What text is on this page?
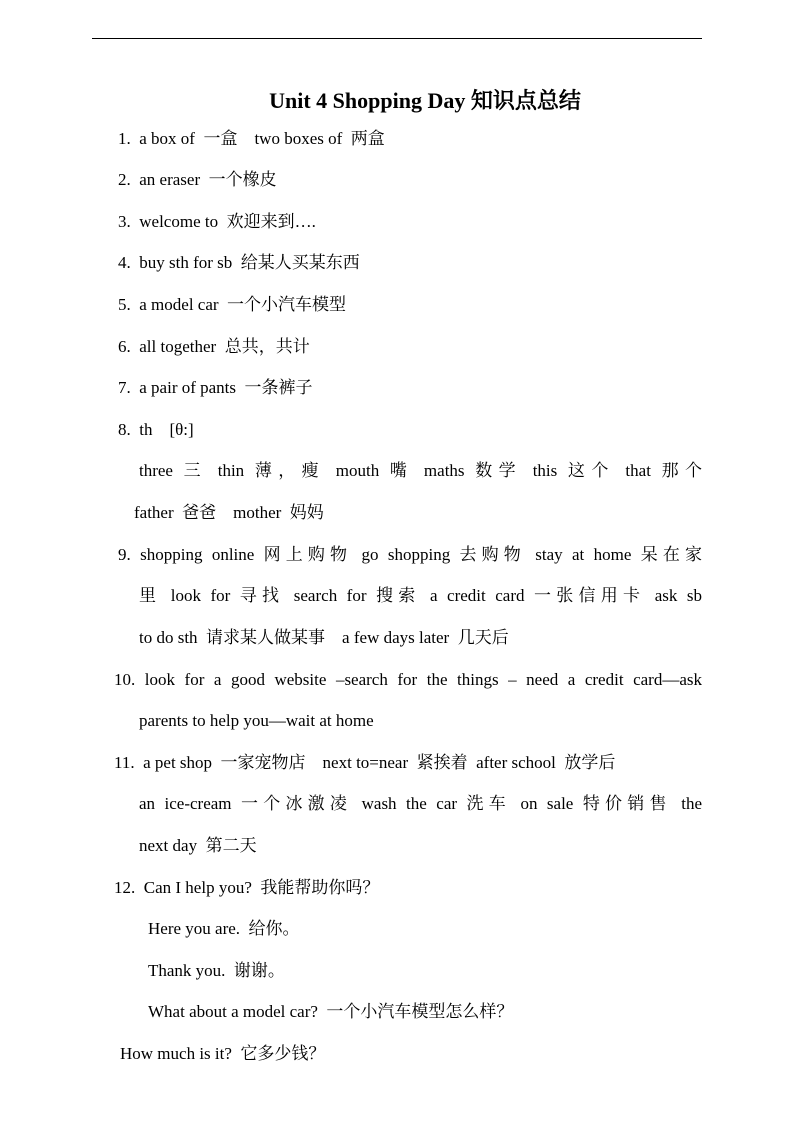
Unit 4 Shopping Day 知识点总结
1.  a box of  一盒    two boxes of  两盒
2.  an eraser  一个橡皮
3.  welcome to  欢迎来到….
4.  buy sth for sb  给某人买某东西
5.  a model car  一个小汽车模型
6.  all together  总共，共计
7.  a pair of pants  一条裤子
8.  th    [θ:]
three 三 thin 薄，瘦 mouth 嘴 maths 数学 this 这个 that 那个
father  爸爸    mother  妈妈
9. shopping online 网上购物 go shopping 去购物 stay at home 呆在家
里 look for 寻找 search for 搜索 a credit card 一张信用卡 ask sb
to do sth  请求某人做某事    a few days later  几天后
10. look for a good website –search for the things – need a credit card—ask
parents to help you—wait at home
11.  a pet shop  一家宠物店    next to=near  紧挨着  after school  放学后
an ice-cream 一个冰激凌 wash the car 洗车 on sale 特价销售 the
next day  第二天
12.  Can I help you?  我能帮助你吗？
Here you are.  给你。
Thank you.  谢谢。
What about a model car?  一个小汽车模型怎么样？
How much is it?  它多少钱？
